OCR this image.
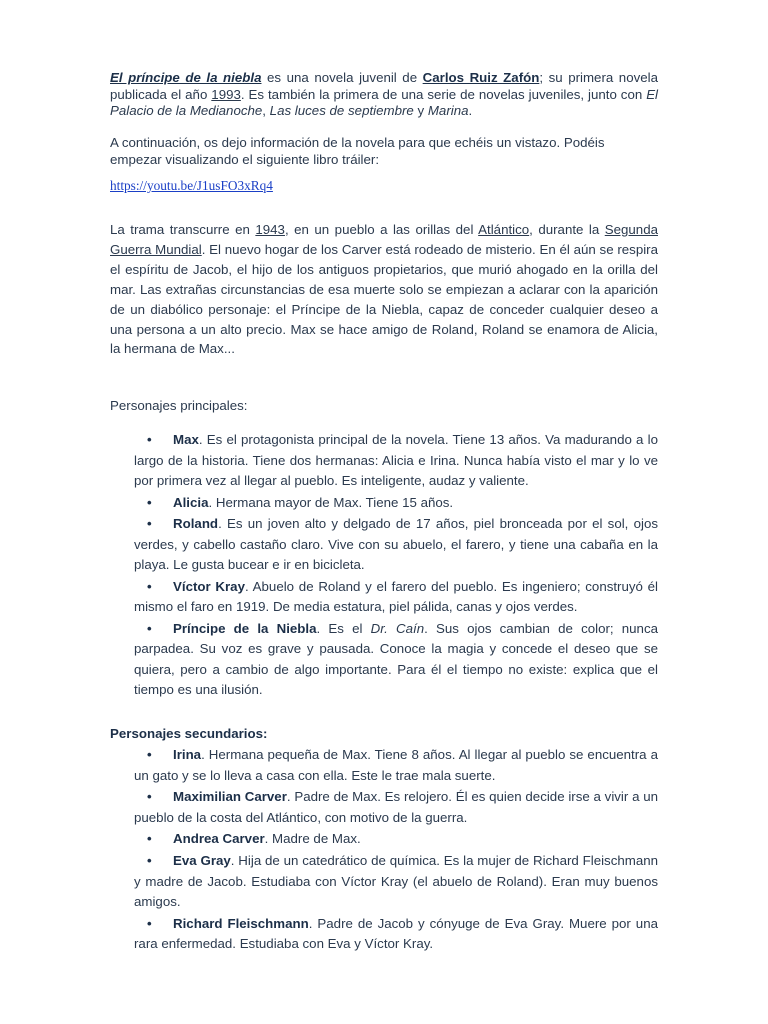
El príncipe de la niebla es una novela juvenil de Carlos Ruiz Zafón; su primera novela publicada el año 1993. Es también la primera de una serie de novelas juveniles, junto con El Palacio de la Medianoche, Las luces de septiembre y Marina.
A continuación, os dejo información de la novela para que echéis un vistazo. Podéis empezar visualizando el siguiente libro tráiler:
https://youtu.be/J1usFO3xRq4
La trama transcurre en 1943, en un pueblo a las orillas del Atlántico, durante la Segunda Guerra Mundial. El nuevo hogar de los Carver está rodeado de misterio. En él aún se respira el espíritu de Jacob, el hijo de los antiguos propietarios, que murió ahogado en la orilla del mar. Las extrañas circunstancias de esa muerte solo se empiezan a aclarar con la aparición de un diabólico personaje: el Príncipe de la Niebla, capaz de conceder cualquier deseo a una persona a un alto precio. Max se hace amigo de Roland, Roland se enamora de Alicia, la hermana de Max...
Personajes principales:
• Max. Es el protagonista principal de la novela. Tiene 13 años. Va madurando a lo largo de la historia. Tiene dos hermanas: Alicia e Irina. Nunca había visto el mar y lo ve por primera vez al llegar al pueblo. Es inteligente, audaz y valiente.
• Alicia. Hermana mayor de Max. Tiene 15 años.
• Roland. Es un joven alto y delgado de 17 años, piel bronceada por el sol, ojos verdes, y cabello castaño claro. Vive con su abuelo, el farero, y tiene una cabaña en la playa. Le gusta bucear e ir en bicicleta.
• Víctor Kray. Abuelo de Roland y el farero del pueblo. Es ingeniero; construyó él mismo el faro en 1919. De media estatura, piel pálida, canas y ojos verdes.
• Príncipe de la Niebla. Es el Dr. Caín. Sus ojos cambian de color; nunca parpadea. Su voz es grave y pausada. Conoce la magia y concede el deseo que se quiera, pero a cambio de algo importante. Para él el tiempo no existe: explica que el tiempo es una ilusión.
Personajes secundarios:
• Irina. Hermana pequeña de Max. Tiene 8 años. Al llegar al pueblo se encuentra a un gato y se lo lleva a casa con ella. Este le trae mala suerte.
• Maximilian Carver. Padre de Max. Es relojero. Él es quien decide irse a vivir a un pueblo de la costa del Atlántico, con motivo de la guerra.
• Andrea Carver. Madre de Max.
• Eva Gray. Hija de un catedrático de química. Es la mujer de Richard Fleischmann y madre de Jacob. Estudiaba con Víctor Kray (el abuelo de Roland). Eran muy buenos amigos.
• Richard Fleischmann. Padre de Jacob y cónyuge de Eva Gray. Muere por una rara enfermedad. Estudiaba con Eva y Víctor Kray.
